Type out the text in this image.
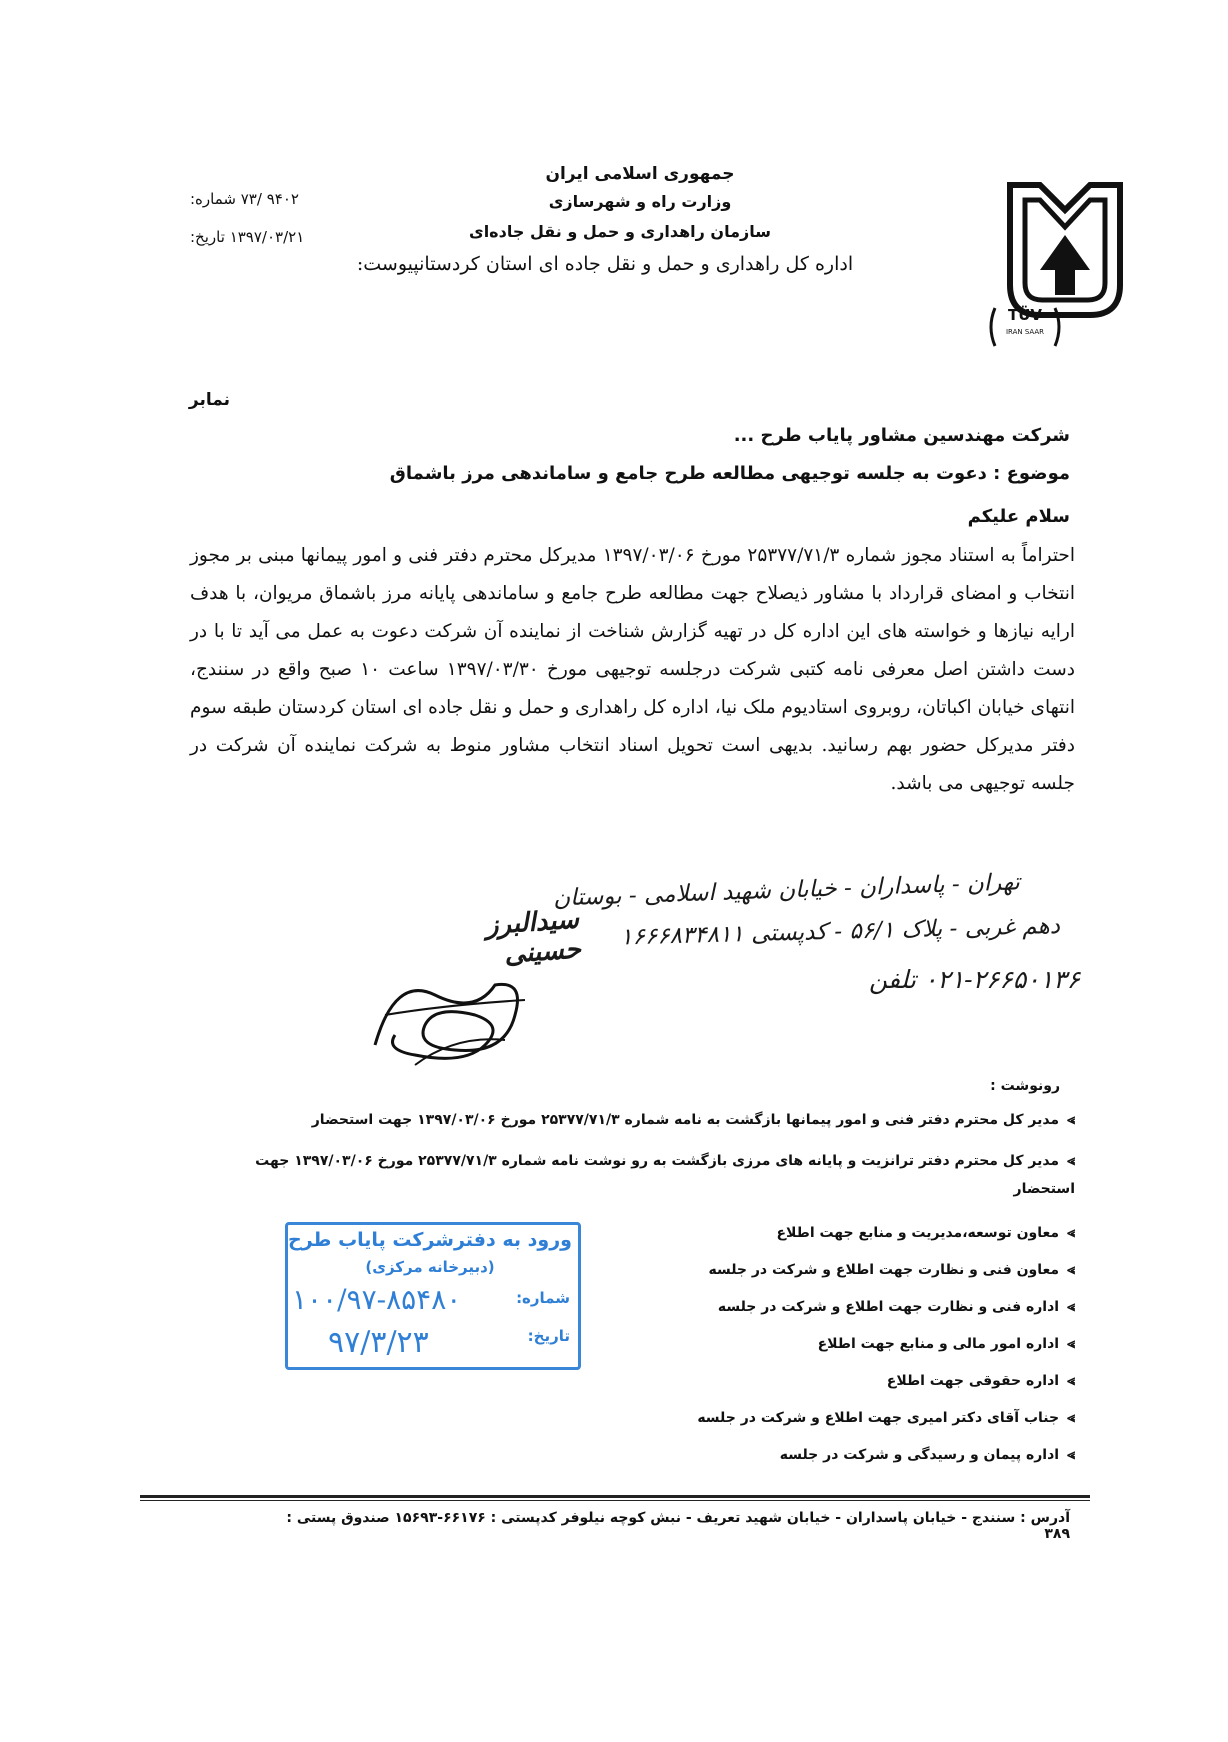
TÜV
IRAN SAAR
جمهوری اسلامی ایران
وزارت راه و شهرسازی
سازمان راهداری و حمل و نقل جاده‌ای
اداره کل راهداری و حمل و نقل جاده ای استان کردستانپیوست:
شماره: ۹۴۰۲ /۷۳
تاریخ: ۱۳۹۷/۰۳/۲۱
نمابر
شرکت مهندسین مشاور پایاب طرح ...
موضوع : دعوت به جلسه توجیهی مطالعه طرح جامع و ساماندهی مرز باشماق
سلام علیکم
احتراماً به استناد مجوز شماره ۲۵۳۷۷/۷۱/۳ مورخ ۱۳۹۷/۰۳/۰۶ مدیرکل محترم دفتر فنی و امور پیمانها مبنی بر مجوز انتخاب و امضای قرارداد با مشاور ذیصلاح جهت مطالعه طرح جامع و ساماندهی پایانه مرز باشماق مریوان، با هدف ارایه نیازها و خواسته های این اداره کل در تهیه گزارش شناخت از نماینده آن شرکت دعوت به عمل می آید تا با در دست داشتن اصل معرفی نامه کتبی شرکت درجلسه توجیهی مورخ ۱۳۹۷/۰۳/۳۰ ساعت ۱۰ صبح واقع در سنندج، انتهای خیابان اکباتان، روبروی استادیوم ملک نیا، اداره کل راهداری و حمل و نقل جاده ای استان کردستان طبقه سوم دفتر مدیرکل حضور بهم رسانید. بدیهی است تحویل اسناد انتخاب مشاور منوط به شرکت نماینده آن شرکت در جلسه توجیهی می باشد.
تهران - پاسداران - خیابان شهید اسلامی - بوستان
دهم غربی - پلاک ۵۶/۱ - کدپستی ۱۶۶۶۸۳۴۸۱۱
۰۲۱-۲۶۶۵۰۱۳۶ تلفن
سیدالبرز حسینی
رونوشت :
⪢مدیر کل محترم دفتر فنی و امور پیمانها بازگشت به نامه شماره ۲۵۳۷۷/۷۱/۳ مورخ ۱۳۹۷/۰۳/۰۶ جهت استحضار
⪢مدیر کل محترم دفتر ترانزیت و پایانه های مرزی بازگشت به رو نوشت نامه شماره ۲۵۳۷۷/۷۱/۳ مورخ ۱۳۹۷/۰۳/۰۶ جهت استحضار
⪢معاون توسعه،مدیریت و منابع جهت اطلاع
⪢معاون فنی و نظارت جهت اطلاع و شرکت در جلسه
⪢اداره فنی و نظارت جهت اطلاع و شرکت در جلسه
⪢اداره امور مالی و منابع جهت اطلاع
⪢اداره حقوقی جهت اطلاع
⪢جناب آقای دکتر امیری جهت اطلاع و شرکت در جلسه
⪢اداره پیمان و رسیدگی و شرکت در جلسه
ورود به دفترشرکت پایاب طرح
(دبیرخانه مرکزی)
شماره:
تاریخ:
۱۰۰/۹۷-۸۵۴۸۰
۹۷/۳/۲۳
آدرس : سنندج - خیابان پاسداران - خیابان شهید تعریف - نبش کوچه نیلوفر کدپستی : ۶۶۱۷۶-۱۵۶۹۳ صندوق پستی : ۳۸۹
